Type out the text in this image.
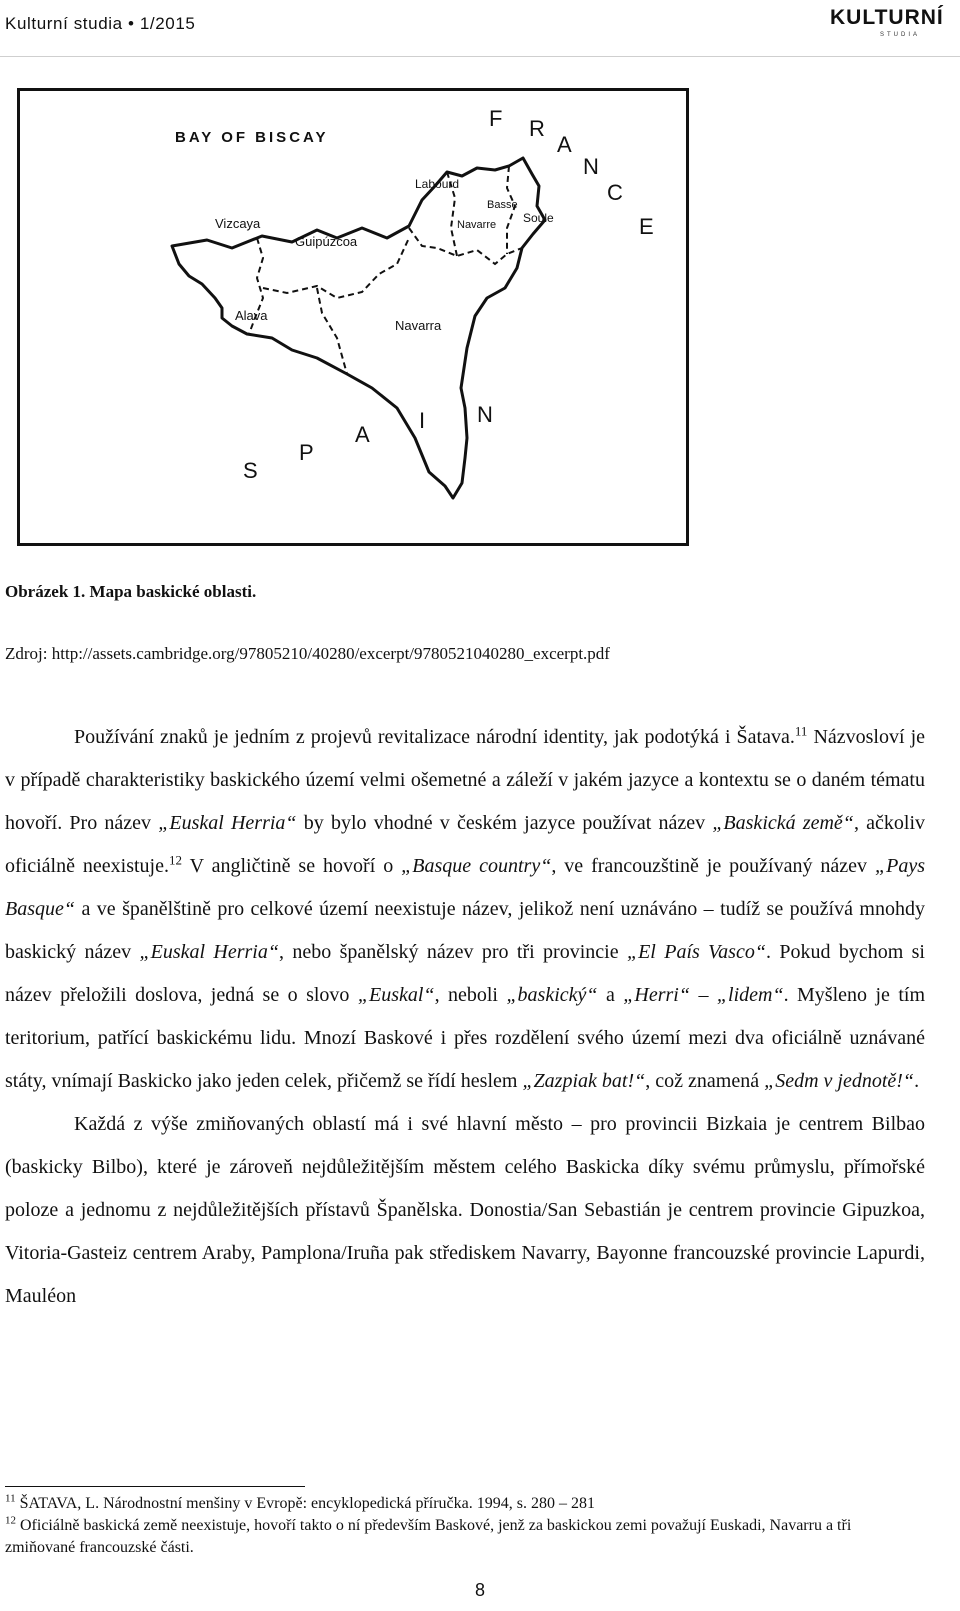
Kulturní studia • 1/2015	KULTURNÍ
STUDIA
BAY OF BISCAY
Labourd
Basse
Navarre Soule
Vizcaya
Guipúzcoa
Alava
Navarra
F R
A
N
C
E
S
P
A
I N
Obrázek 1. Mapa baskické oblasti.
Zdroj: http://assets.cambridge.org/97805210/40280/excerpt/9780521040280_excerpt.pdf

Používání znaků je jedním z projevů revitalizace národní identity, jak podotýká i Šatava.$^{11}$ Názvosloví je v případě charakteristiky baskického území velmi ošemetné a záleží v jakém jazyce a kontextu se o daném tématu hovoří. Pro název „Euskal Herria“ by bylo vhodné v českém jazyce používat název „Baskická země“, ačkoliv oficiálně neexistuje.$^{12}$ V angličtině se hovoří o „Basque country“, ve francouzštině je používaný název „Pays Basque“ a ve španělštině pro celkové území neexistuje název, jelikož není uznáváno – tudíž se používá mnohdy baskický název „Euskal Herria“, nebo španělský název pro tři provincie „El País Vasco“. Pokud bychom si název přeložili doslova, jedná se o slovo „Euskal“, neboli „baskický“ a „Herri“ – „lidem“. Myšleno je tím teritorium, patřící baskickému lidu. Mnozí Baskové i přes rozdělení svého území mezi dva oficiálně uznávané státy, vnímají Baskicko jako jeden celek, přičemž se řídí heslem „Zazpiak bat!“, což znamená „Sedm v jednotě!“.

Každá z výše zmiňovaných oblastí má i své hlavní město – pro provincii Bizkaia je centrem Bilbao (baskicky Bilbo), které je zároveň nejdůležitějším městem celého Baskicka díky svému průmyslu, přímořské poloze a jednomu z nejdůležitějších přístavů Španělska. Donostia/San Sebastián je centrem provincie Gipuzkoa, Vitoria-Gasteiz centrem Araby, Pamplona/Iruña pak střediskem Navarry, Bayonne francouzské provincie Lapurdi, Mauléon

$^{11}$ ŠATAVA, L. Národnostní menšiny v Evropě: encyklopedická příručka. 1994, s. 280 – 281
$^{12}$ Oficiálně baskická země neexistuje, hovoří takto o ní především Baskové, jenž za baskickou zemi považují Euskadi, Navarru a tři zmiňované francouzské části.
8
